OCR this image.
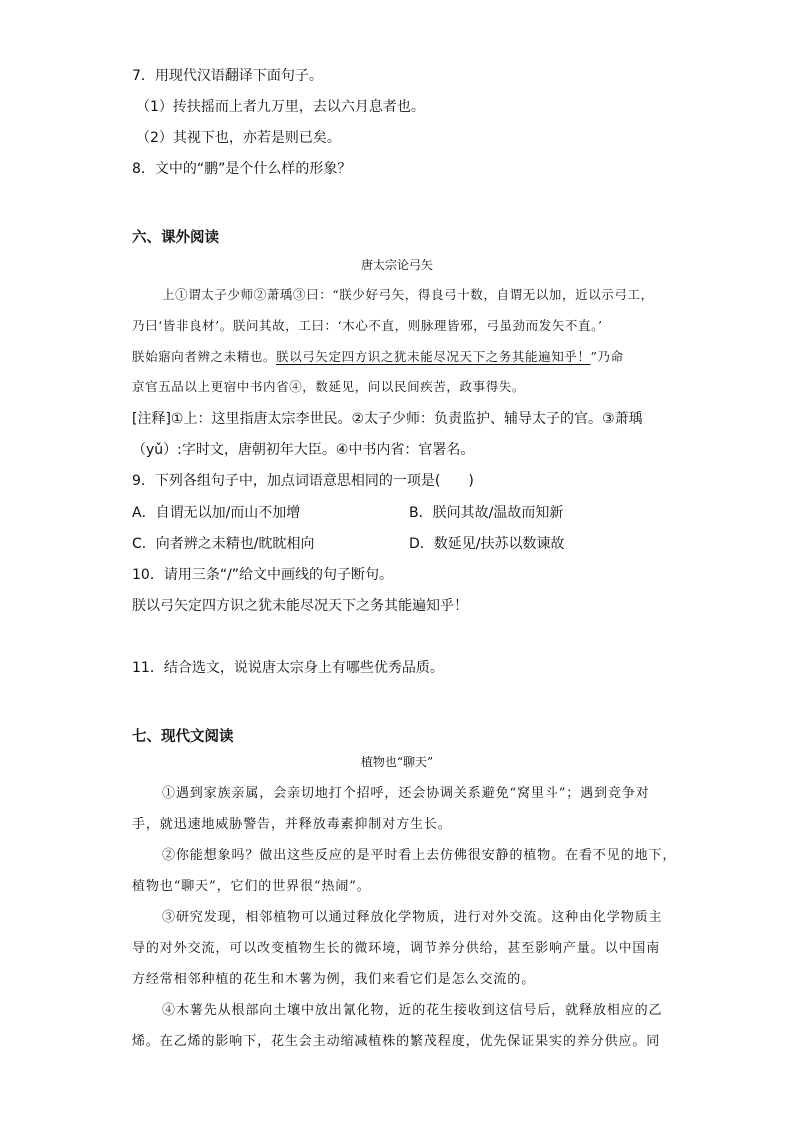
7．用现代汉语翻译下面句子。
（1）抟扶摇而上者九万里，去以六月息者也。
（2）其视下也，亦若是则已矣。
8．文中的“鹏”是个什么样的形象？
六、课外阅读
唐太宗论弓矢
上①谓太子少师②萧瑀③曰：“朕少好弓矢，得良弓十数，自谓无以加，近以示弓工，
乃曰‘皆非良材’。朕问其故，工曰：‘木心不直，则脉理皆邪，弓虽劲而发矢不直。’
朕始寤向者辨之未精也。朕以弓矢定四方识之犹未能尽况天下之务其能遍知乎！”乃命
京官五品以上更宿中书内省④，数延见，问以民间疾苦，政事得失。
[注释]①上：这里指唐太宗李世民。②太子少师：负责监护、辅导太子的官。③萧瑀
（yǔ）:字时文，唐朝初年大臣。④中书内省：官署名。
9．下列各组句子中，加点词语意思相同的一项是(　　)
A．自谓无以加/而山不加增	B．朕问其故/温故而知新
C．向者辨之未精也/眈眈相向	D．数延见/扶苏以数谏故
10．请用三条“/”给文中画线的句子断句。
朕以弓矢定四方识之犹未能尽况天下之务其能遍知乎！
11．结合选文，说说唐太宗身上有哪些优秀品质。
七、现代文阅读
植物也“聊天”
①遇到家族亲属，会亲切地打个招呼，还会协调关系避免“窝里斗”；遇到竞争对
手，就迅速地威胁警告，并释放毒素抑制对方生长。
②你能想象吗？做出这些反应的是平时看上去仿佛很安静的植物。在看不见的地下，
植物也“聊天”，它们的世界很“热闹”。
③研究发现，相邻植物可以通过释放化学物质，进行对外交流。这种由化学物质主
导的对外交流，可以改变植物生长的微环境，调节养分供给，甚至影响产量。以中国南
方经常相邻种植的花生和木薯为例，我们来看它们是怎么交流的。
④木薯先从根部向土壤中放出氰化物，近的花生接收到这信号后，就释放相应的乙
烯。在乙烯的影响下，花生会主动缩减植株的繁茂程度，优先保证果实的养分供应。同
